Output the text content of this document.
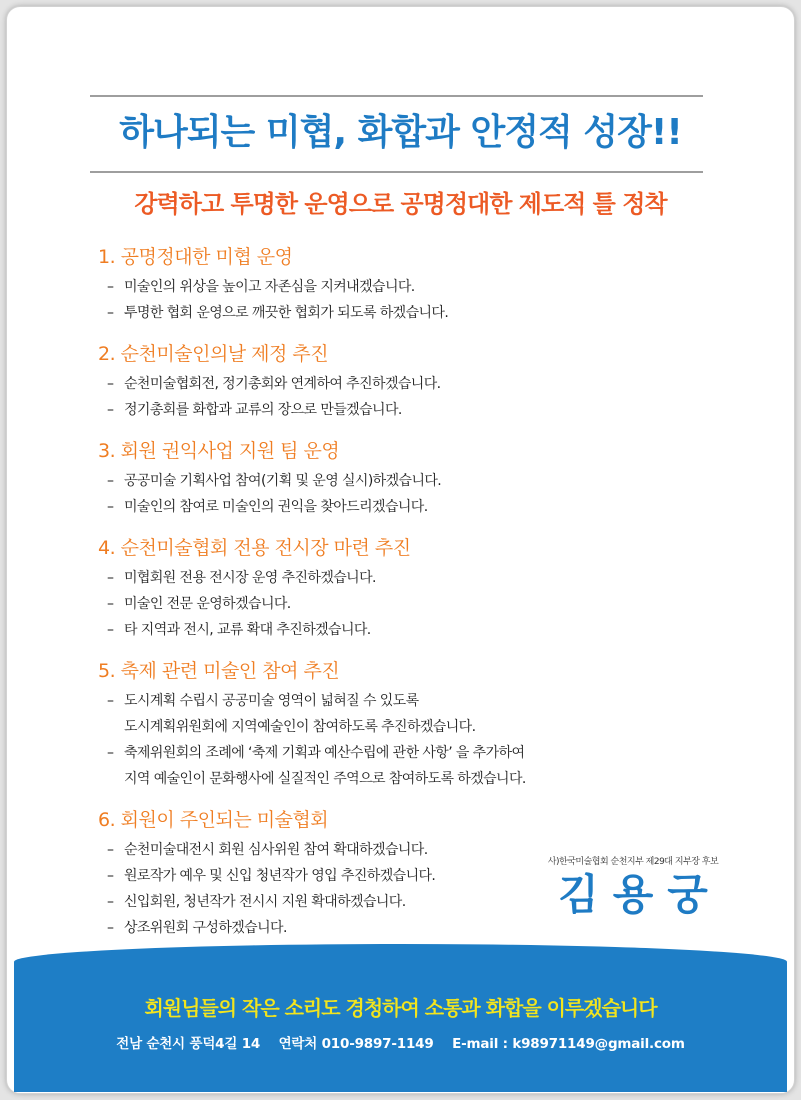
하나되는 미협, 화합과 안정적 성장!!

강력하고 투명한 운영으로 공명정대한 제도적 틀 정착

1. 공명정대한 미협 운영
– 미술인의 위상을 높이고 자존심을 지켜내겠습니다.
– 투명한 협회 운영으로 깨끗한 협회가 되도록 하겠습니다.
2. 순천미술인의날 제정 추진
– 순천미술협회전, 정기총회와 연계하여 추진하겠습니다.
– 정기총회를 화합과 교류의 장으로 만들겠습니다.
3. 회원 권익사업 지원 팀 운영
– 공공미술 기획사업 참여(기획 및 운영 실시)하겠습니다.
– 미술인의 참여로 미술인의 권익을 찾아드리겠습니다.
4. 순천미술협회 전용 전시장 마련 추진
– 미협회원 전용 전시장 운영 추진하겠습니다.
– 미술인 전문 운영하겠습니다.
– 타 지역과 전시, 교류 확대 추진하겠습니다.
5. 축제 관련 미술인 참여 추진
– 도시계획 수립시 공공미술 영역이 넓혀질 수 있도록
도시계획위원회에 지역예술인이 참여하도록 추진하겠습니다.
– 축제위원회의 조례에 ‘축제 기획과 예산수립에 관한 사항’ 을 추가하여
지역 예술인이 문화행사에 실질적인 주역으로 참여하도록 하겠습니다.
6. 회원이 주인되는 미술협회
– 순천미술대전시 회원 심사위원 참여 확대하겠습니다.
– 원로작가 예우 및 신입 청년작가 영입 추진하겠습니다.
– 신입회원, 청년작가 전시시 지원 확대하겠습니다.
– 상조위원회 구성하겠습니다.

사)한국미술협회 순천지부 제29대 지부장 후보

김용궁

회원님들의 작은 소리도 경청하여 소통과 화합을 이루겠습니다

전남 순천시 풍덕4길 14 연락처 010-9897-1149 E-mail : k98971149@gmail.com
